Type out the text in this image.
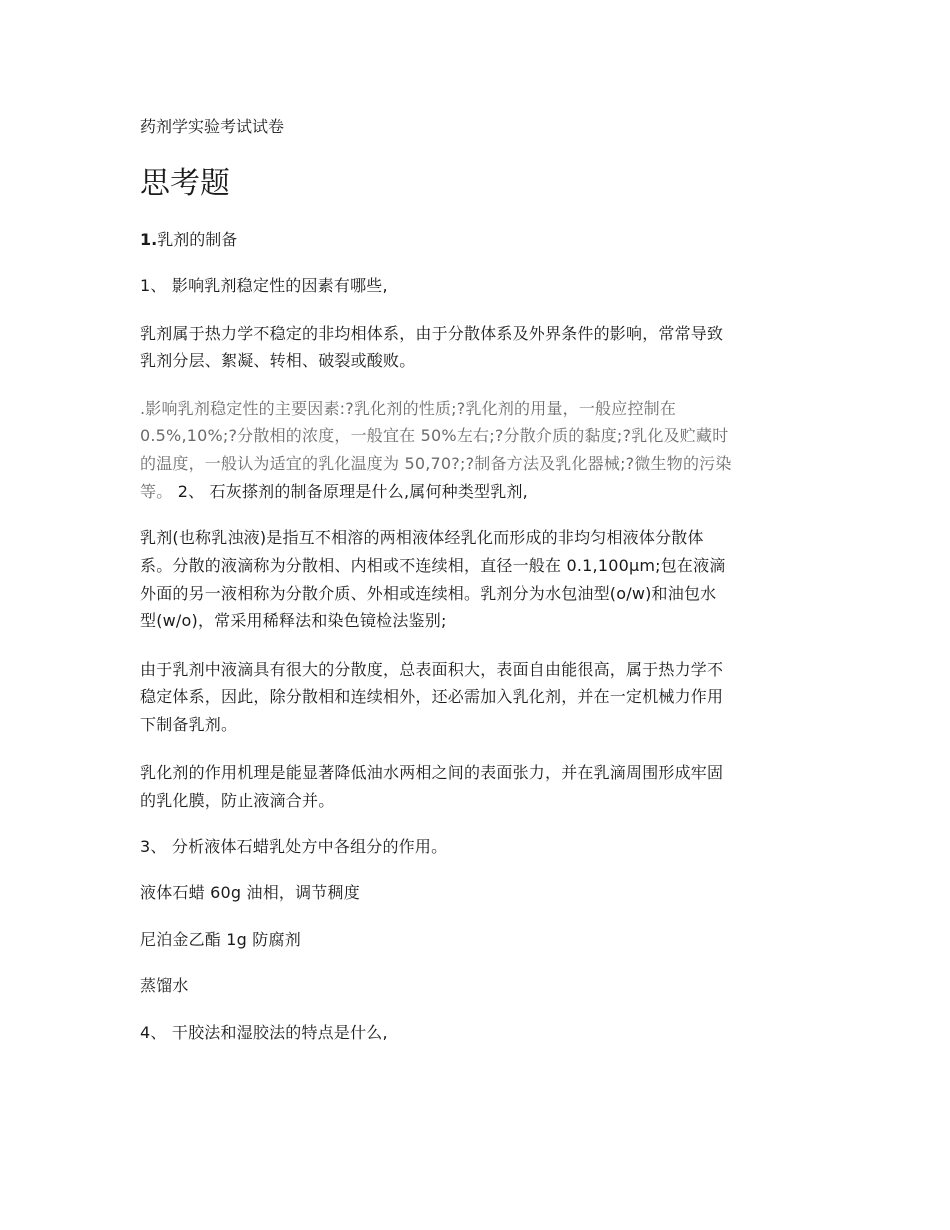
药剂学实验考试试卷
思考题
1.乳剂的制备
1、 影响乳剂稳定性的因素有哪些,
乳剂属于热力学不稳定的非均相体系，由于分散体系及外界条件的影响，常常导致
乳剂分层、絮凝、转相、破裂或酸败。
.影响乳剂稳定性的主要因素:?乳化剂的性质;?乳化剂的用量，一般应控制在
0.5%,10%;?分散相的浓度，一般宜在 50%左右;?分散介质的黏度;?乳化及贮藏时
的温度，一般认为适宜的乳化温度为 50,70?;?制备方法及乳化器械;?微生物的污染
等。 2、 石灰搽剂的制备原理是什么,属何种类型乳剂,
乳剂(也称乳浊液)是指互不相溶的两相液体经乳化而形成的非均匀相液体分散体
系。分散的液滴称为分散相、内相或不连续相，直径一般在 0.1,100μm;包在液滴
外面的另一液相称为分散介质、外相或连续相。乳剂分为水包油型(o/w)和油包水
型(w/o)，常采用稀释法和染色镜检法鉴别;
由于乳剂中液滴具有很大的分散度，总表面积大，表面自由能很高，属于热力学不
稳定体系，因此，除分散相和连续相外，还必需加入乳化剂，并在一定机械力作用
下制备乳剂。
乳化剂的作用机理是能显著降低油水两相之间的表面张力，并在乳滴周围形成牢固
的乳化膜，防止液滴合并。
3、 分析液体石蜡乳处方中各组分的作用。
液体石蜡 60g 油相，调节稠度
尼泊金乙酯 1g 防腐剂
蒸馏水
4、 干胶法和湿胶法的特点是什么,
